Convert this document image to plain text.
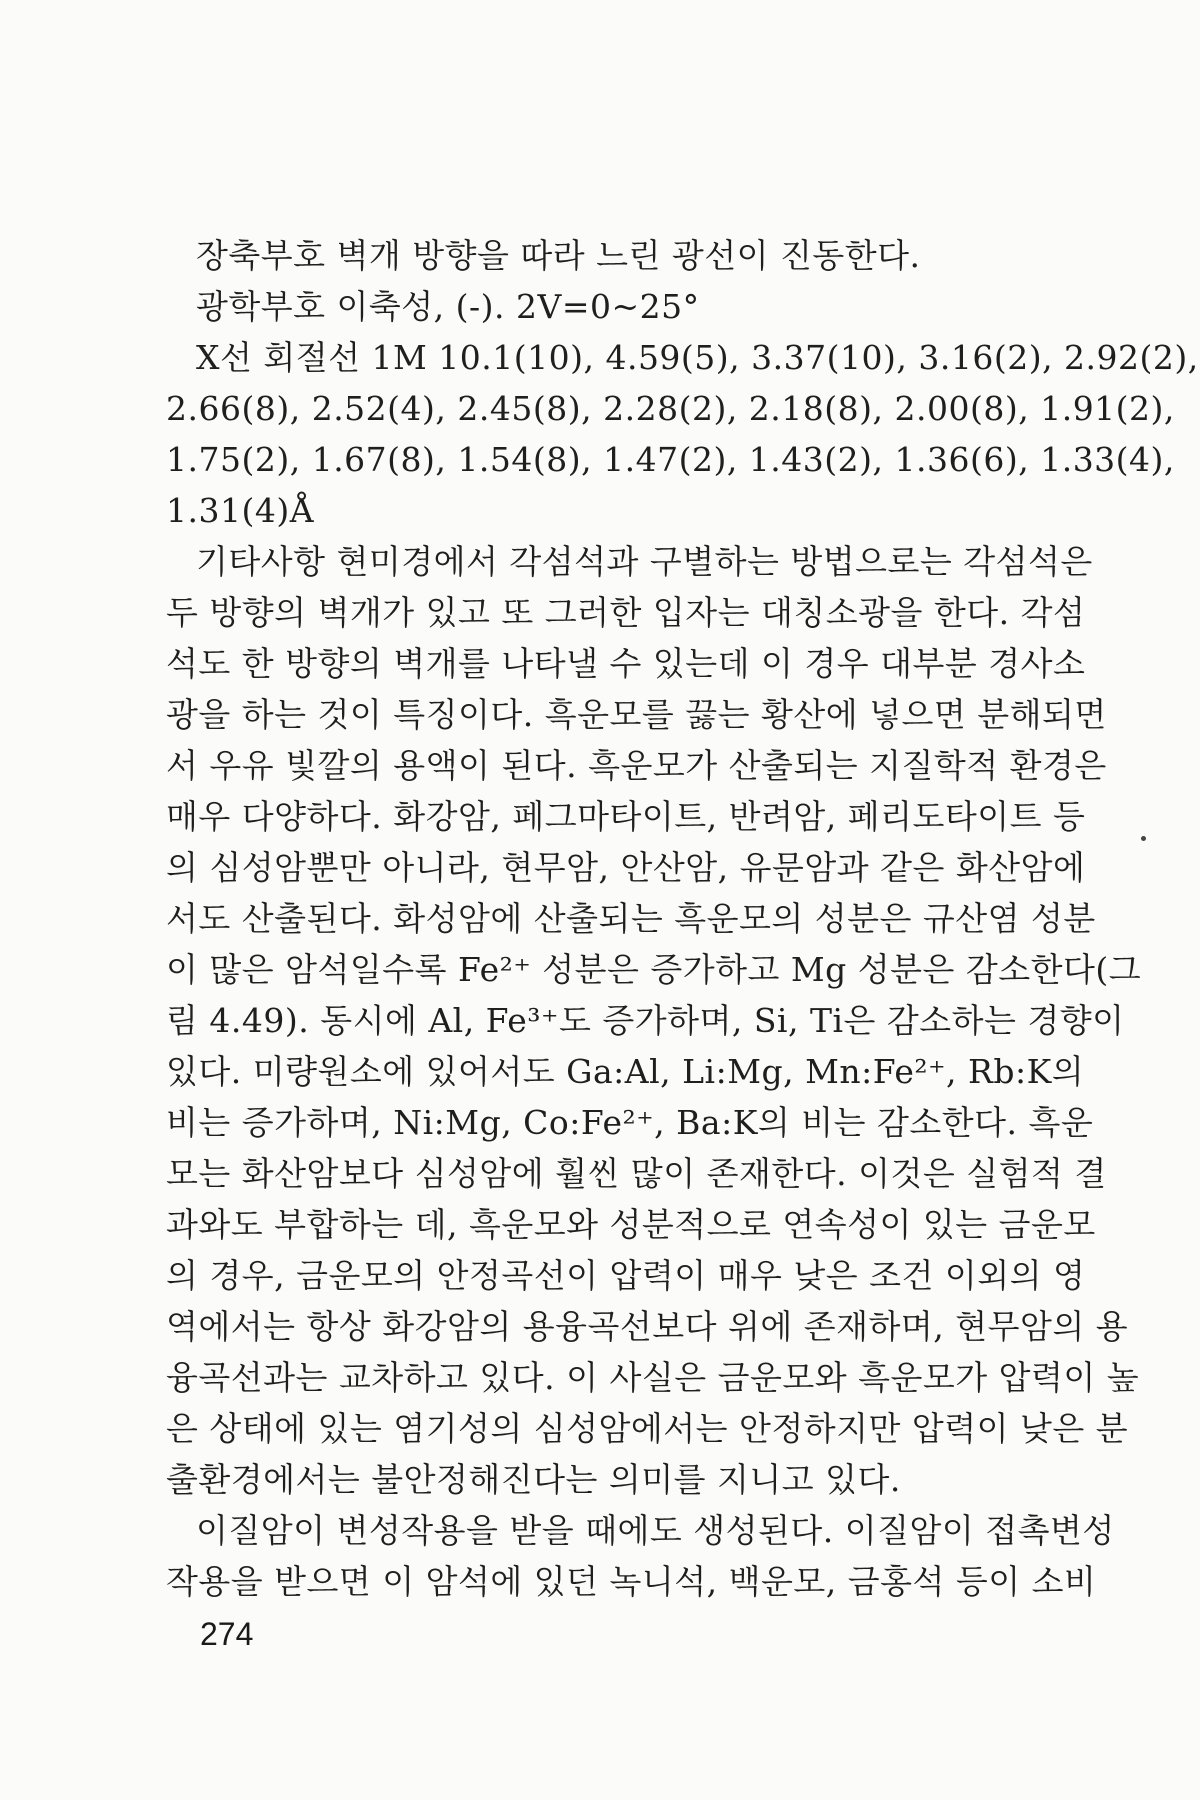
장축부호 벽개 방향을 따라 느린 광선이 진동한다.
광학부호 이축성, (-). 2V=0~25°
X선 회절선 1M 10.1(10), 4.59(5), 3.37(10), 3.16(2), 2.92(2),
2.66(8), 2.52(4), 2.45(8), 2.28(2), 2.18(8), 2.00(8), 1.91(2),
1.75(2), 1.67(8), 1.54(8), 1.47(2), 1.43(2), 1.36(6), 1.33(4),
1.31(4)Å
기타사항 현미경에서 각섬석과 구별하는 방법으로는 각섬석은
두 방향의 벽개가 있고 또 그러한 입자는 대칭소광을 한다. 각섬
석도 한 방향의 벽개를 나타낼 수 있는데 이 경우 대부분 경사소
광을 하는 것이 특징이다. 흑운모를 끓는 황산에 넣으면 분해되면
서 우유 빛깔의 용액이 된다. 흑운모가 산출되는 지질학적 환경은
매우 다양하다. 화강암, 페그마타이트, 반려암, 페리도타이트 등
의 심성암뿐만 아니라, 현무암, 안산암, 유문암과 같은 화산암에
서도 산출된다. 화성암에 산출되는 흑운모의 성분은 규산염 성분
이 많은 암석일수록 Fe²⁺ 성분은 증가하고 Mg 성분은 감소한다(그
림 4.49). 동시에 Al, Fe³⁺도 증가하며, Si, Ti은 감소하는 경향이
있다. 미량원소에 있어서도 Ga:Al, Li:Mg, Mn:Fe²⁺, Rb:K의
비는 증가하며, Ni:Mg, Co:Fe²⁺, Ba:K의 비는 감소한다. 흑운
모는 화산암보다 심성암에 훨씬 많이 존재한다. 이것은 실험적 결
과와도 부합하는 데, 흑운모와 성분적으로 연속성이 있는 금운모
의 경우, 금운모의 안정곡선이 압력이 매우 낮은 조건 이외의 영
역에서는 항상 화강암의 용융곡선보다 위에 존재하며, 현무암의 용
융곡선과는 교차하고 있다. 이 사실은 금운모와 흑운모가 압력이 높
은 상태에 있는 염기성의 심성암에서는 안정하지만 압력이 낮은 분
출환경에서는 불안정해진다는 의미를 지니고 있다.
이질암이 변성작용을 받을 때에도 생성된다. 이질암이 접촉변성
작용을 받으면 이 암석에 있던 녹니석, 백운모, 금홍석 등이 소비
274
